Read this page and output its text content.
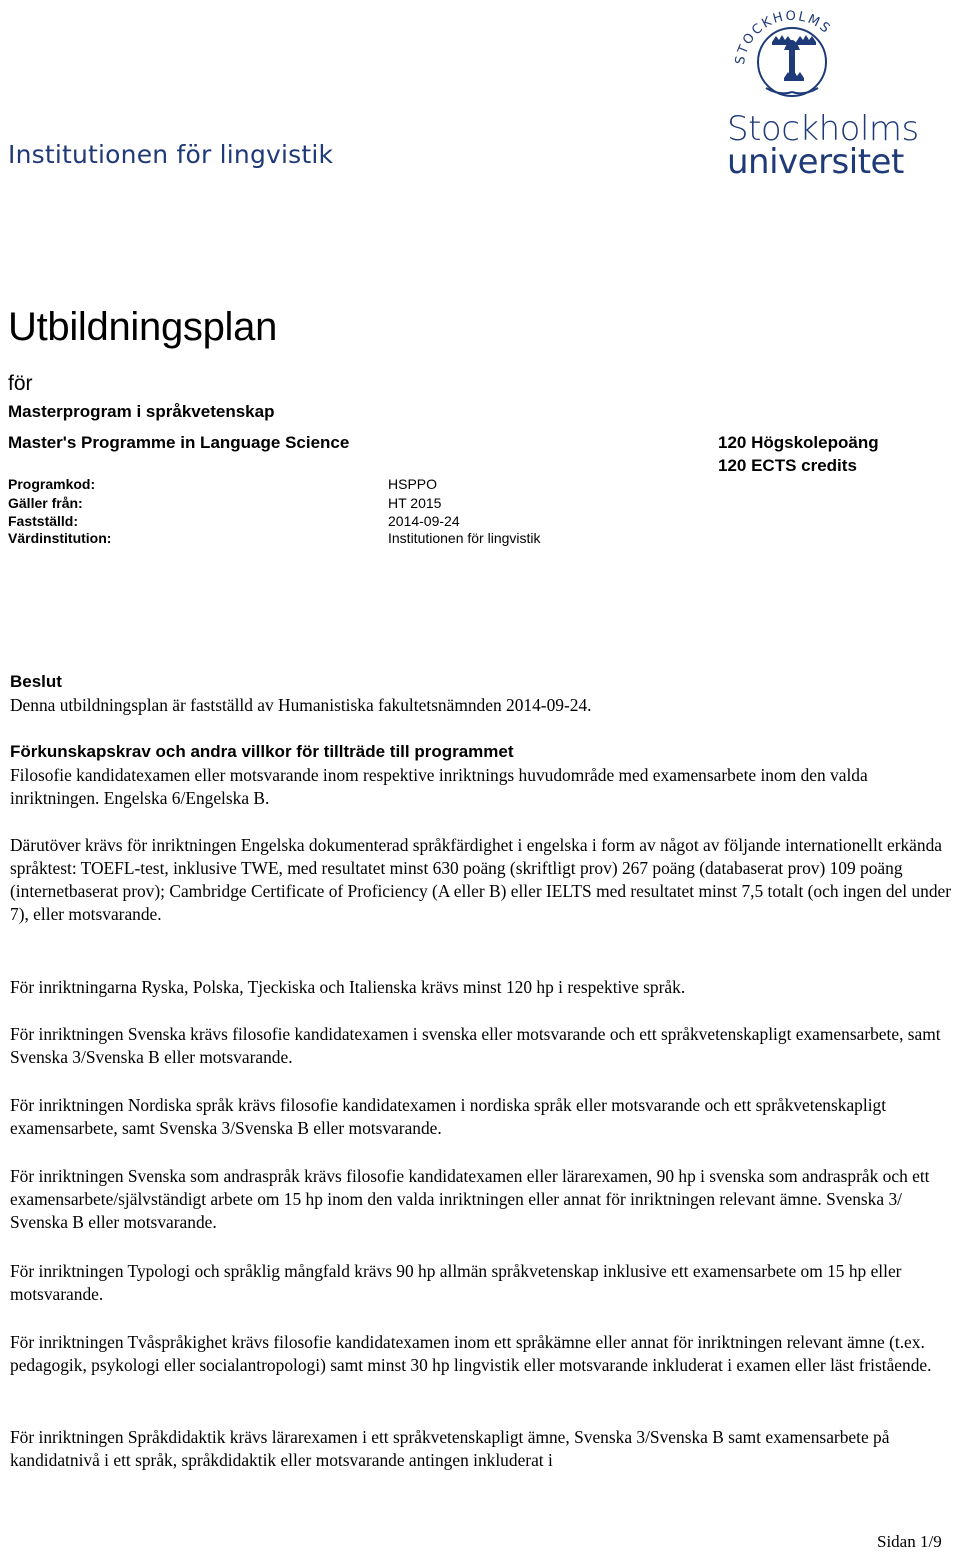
Institutionen för lingvistik
STOCKHOLMS
Stockholms
universitet
Utbildningsplan
för
Masterprogram i språkvetenskap
Master's Programme in Language Science	120 Högskolepoäng
120 ECTS credits
Programkod:	HSPPO
Gäller från:	HT 2015
Fastställd:	2014-09-24
Värdinstitution:	Institutionen för lingvistik
Beslut

Denna utbildningsplan är fastställd av Humanistiska fakultetsnämnden 2014-09-24.

Förkunskapskrav och andra villkor för tillträde till programmet

Filosofie kandidatexamen eller motsvarande inom respektive inriktnings huvudområde med examensarbete inom den valda inriktningen. Engelska 6/Engelska B.

Därutöver krävs för inriktningen Engelska dokumenterad språkfärdighet i engelska i form av något av följande internationellt erkända språktest: TOEFL-test, inklusive TWE, med resultatet minst 630 poäng (skriftligt prov) 267 poäng (databaserat prov) 109 poäng (internetbaserat prov); Cambridge Certificate of Proficiency (A eller B) eller IELTS med resultatet minst 7,5 totalt (och ingen del under 7), eller motsvarande.

För inriktningarna Ryska, Polska, Tjeckiska och Italienska krävs minst 120 hp i respektive språk.

För inriktningen Svenska krävs filosofie kandidatexamen i svenska eller motsvarande och ett språkvetenskapligt examensarbete, samt Svenska 3/Svenska B eller motsvarande.

För inriktningen Nordiska språk krävs filosofie kandidatexamen i nordiska språk eller motsvarande och ett språkvetenskapligt examensarbete, samt Svenska 3/Svenska B eller motsvarande.

För inriktningen Svenska som andraspråk krävs filosofie kandidatexamen eller lärarexamen, 90 hp i svenska som andraspråk och ett examensarbete/självständigt arbete om 15 hp inom den valda inriktningen eller annat för inriktningen relevant ämne. Svenska 3/ Svenska B eller motsvarande.

För inriktningen Typologi och språklig mångfald krävs 90 hp allmän språkvetenskap inklusive ett examensarbete om 15 hp eller motsvarande.

För inriktningen Tvåspråkighet krävs filosofie kandidatexamen inom ett språkämne eller annat för inriktningen relevant ämne (t.ex. pedagogik, psykologi eller socialantropologi) samt minst 30 hp lingvistik eller motsvarande inkluderat i examen eller läst fristående.

För inriktningen Språkdidaktik krävs lärarexamen i ett språkvetenskapligt ämne, Svenska 3/Svenska B samt examensarbete på kandidatnivå i ett språk, språkdidaktik eller motsvarande antingen inkluderat i

Sidan 1/9
